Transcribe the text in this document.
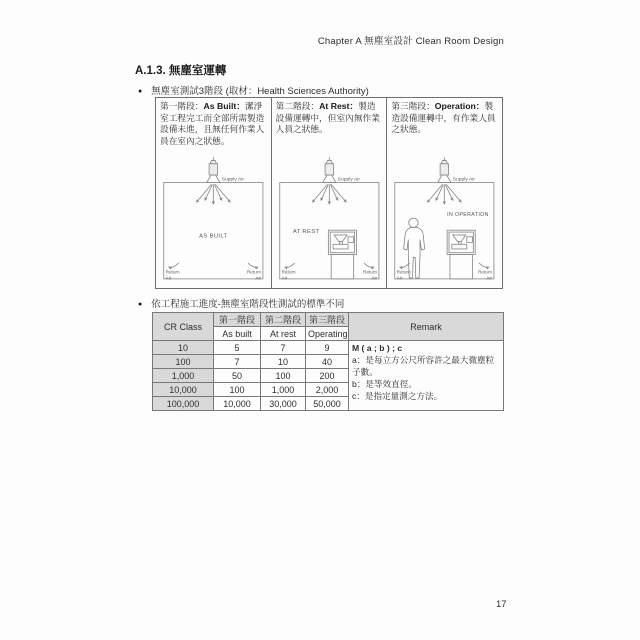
Chapter A 無塵室設計 Clean Room Design
A.1.3. 無塵室運轉
● 無塵室測試3階段 (取材：Health Sciences Authority)
第一階段：As Built：潔淨室工程完工而全部所需製造設備未進，且無任何作業人員在室內之狀態。
Supply Air
AS BUILT
Return
Air
Return
Air
第二階段：At Rest：製造設備運轉中，但室內無作業人員之狀態。
Supply Air
AT REST
Return
Air
Return
Air
第三階段：Operation：製造設備運轉中，有作業人員之狀態。
Supply Air
IN OPERATION
Return
Air
Return
Air
● 依工程施工進度-無塵室階段性測試的標準不同
CR Class	第一階段	第二階段	第三階段	Remark
	As built	At rest	Operating	
10	5	7	9	M ( a ; b ) ; c
a：是每立方公尺所容許之最大微塵粒子數。
b：是等效直徑。
c：是指定量測之方法。

100	7	10	40	
1,000	50	100	200	
10,000	100	1,000	2,000	
100,000	10,000	30,000	50,000	
17
